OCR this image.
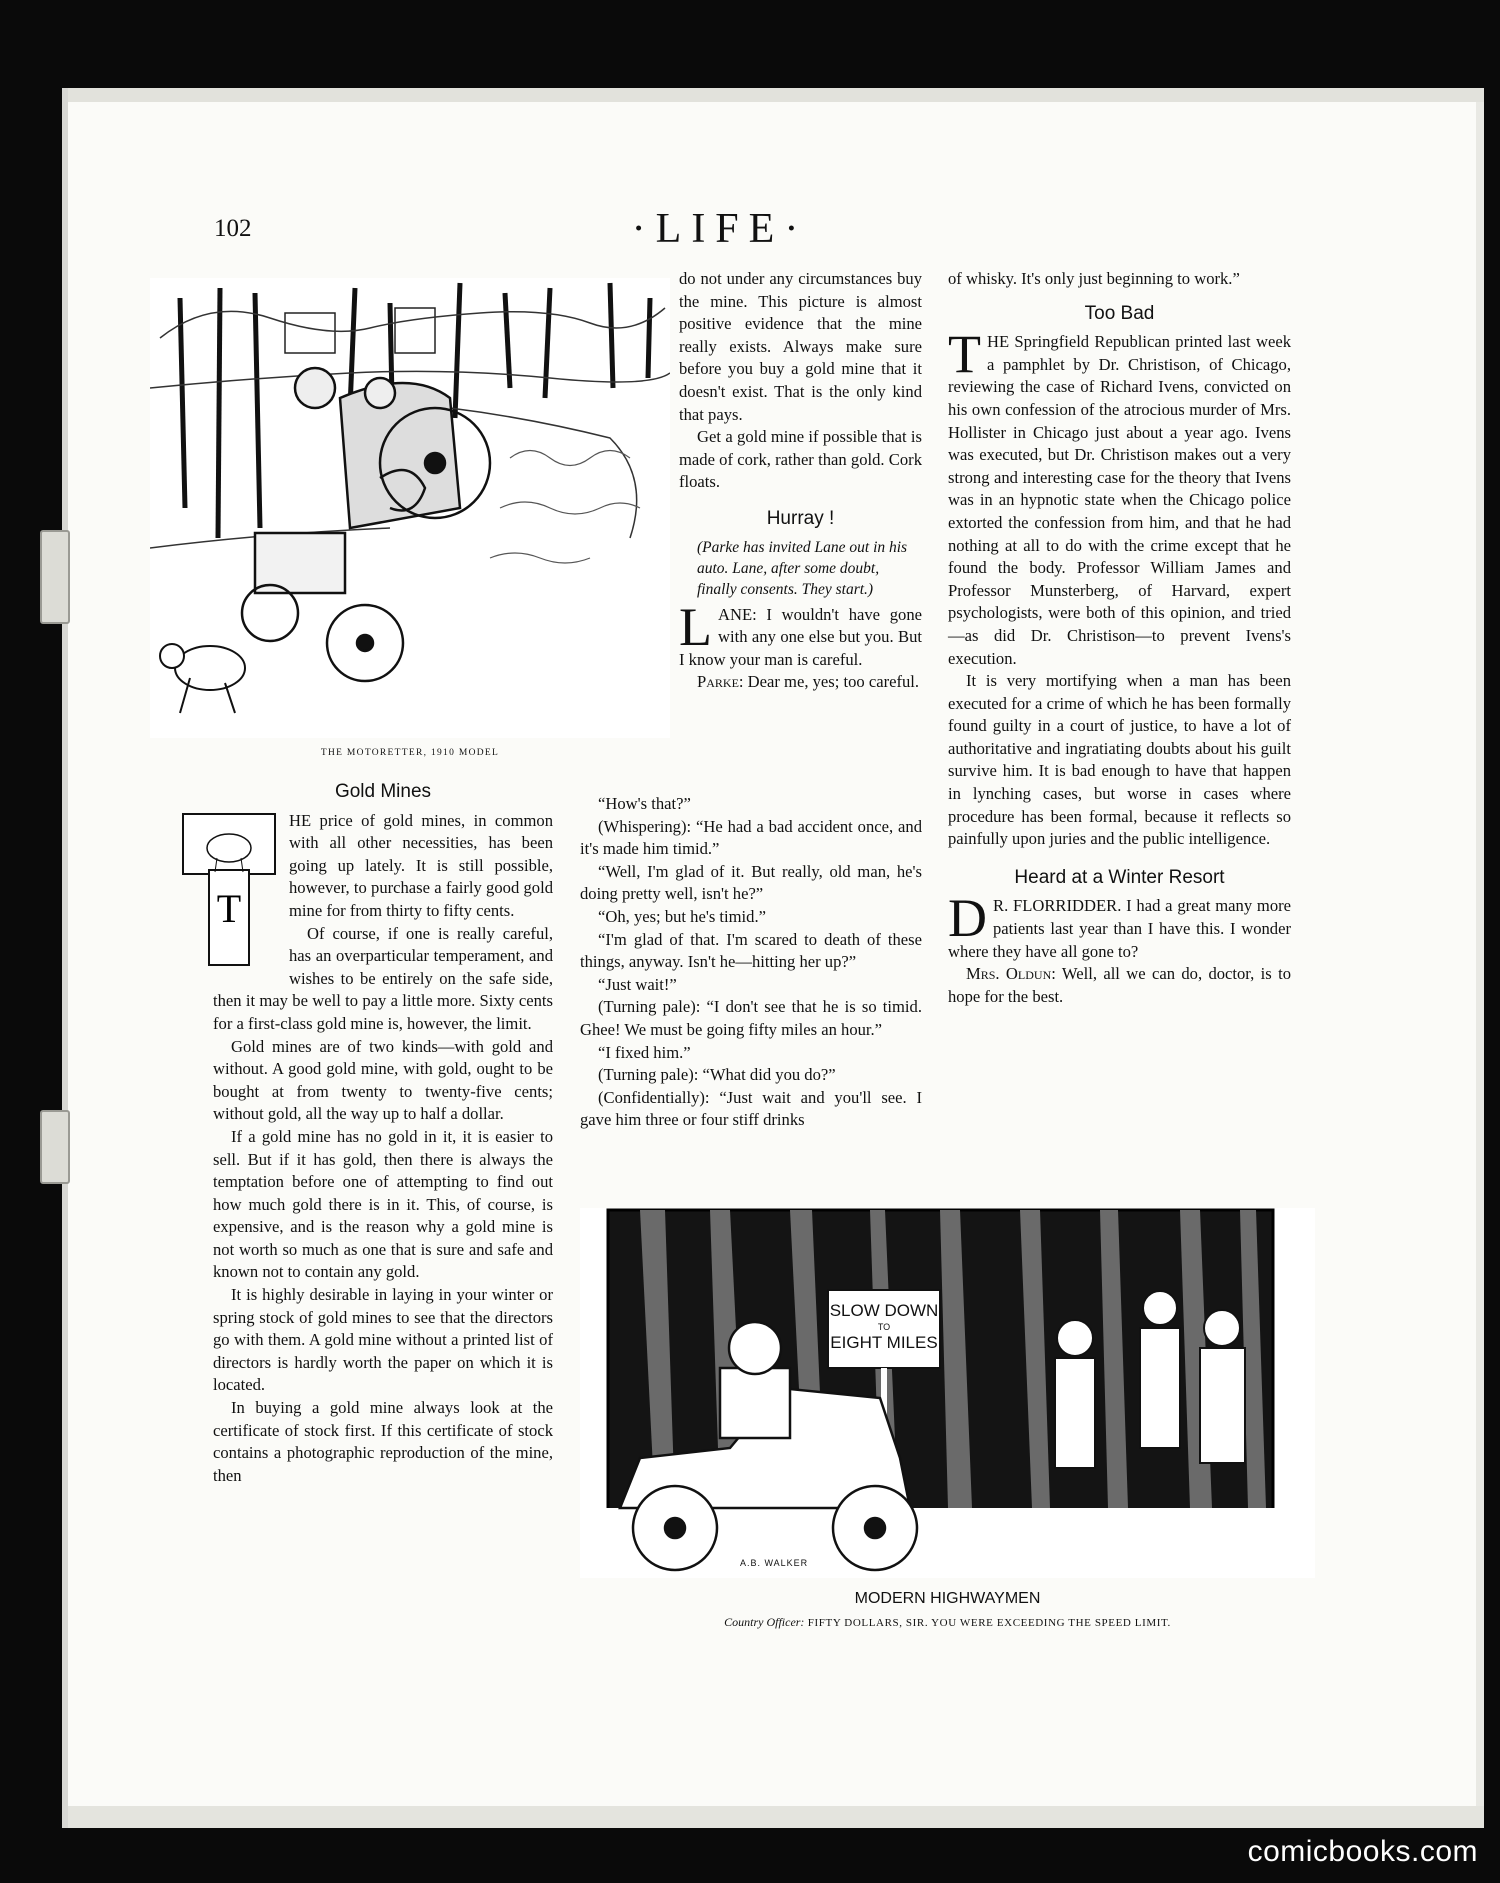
102	·LIFE·
THE MOTORETTER, 1910 MODEL
Gold Mines
T

HE price of gold mines, in common with all other necessities, has been going up lately. It is still possible, however, to purchase a fairly good gold mine for from thirty to fifty cents.

Of course, if one is really careful, has an overparticular temperament, and wishes to be entirely on the safe side, then it may be well to pay a little more. Sixty cents for a first-class gold mine is, however, the limit.

Gold mines are of two kinds—with gold and without. A good gold mine, with gold, ought to be bought at from twenty to twenty-five cents; without gold, all the way up to half a dollar.

If a gold mine has no gold in it, it is easier to sell. But if it has gold, then there is always the temptation before one of attempting to find out how much gold there is in it. This, of course, is expensive, and is the reason why a gold mine is not worth so much as one that is sure and safe and known not to contain any gold.

It is highly desirable in laying in your winter or spring stock of gold mines to see that the directors go with them. A gold mine without a printed list of directors is hardly worth the paper on which it is located.

In buying a gold mine always look at the certificate of stock first. If this certificate of stock contains a photographic reproduction of the mine, then

do not under any circumstances buy the mine. This picture is almost positive evidence that the mine really exists. Always make sure before you buy a gold mine that it doesn't exist. That is the only kind that pays.

Get a gold mine if possible that is made of cork, rather than gold. Cork floats.

Hurray !
(Parke has invited Lane out in his auto. Lane, after some doubt, finally consents. They start.)

LANE: I wouldn't have gone with any one else but you. But I know your man is careful.

Parke: Dear me, yes; too careful.

“How's that?”

(Whispering): “He had a bad accident once, and it's made him timid.”

“Well, I'm glad of it. But really, old man, he's doing pretty well, isn't he?”

“Oh, yes; but he's timid.”

“I'm glad of that. I'm scared to death of these things, anyway. Isn't he—hitting her up?”

“Just wait!”

(Turning pale): “I don't see that he is so timid. Ghee! We must be going fifty miles an hour.”

“I fixed him.”

(Turning pale): “What did you do?”

(Confidentially): “Just wait and you'll see. I gave him three or four stiff drinks

of whisky. It's only just beginning to work.”

Too Bad

THE Springfield Republican printed last week a pamphlet by Dr. Christison, of Chicago, reviewing the case of Richard Ivens, convicted on his own confession of the atrocious murder of Mrs. Hollister in Chicago just about a year ago. Ivens was executed, but Dr. Christison makes out a very strong and interesting case for the theory that Ivens was in an hypnotic state when the Chicago police extorted the confession from him, and that he had nothing at all to do with the crime except that he found the body. Professor William James and Professor Munsterberg, of Harvard, expert psychologists, were both of this opinion, and tried—as did Dr. Christison—to prevent Ivens's execution.

It is very mortifying when a man has been executed for a crime of which he has been formally found guilty in a court of justice, to have a lot of authoritative and ingratiating doubts about his guilt survive him. It is bad enough to have that happen in lynching cases, but worse in cases where procedure has been formal, because it reflects so painfully upon juries and the public intelligence.

Heard at a Winter Resort

D R. FLORRIDDER. I had a great many more patients last year than I have this. I wonder where they have all gone to?

Mrs. Oldun: Well, all we can do, doctor, is to hope for the best.

SLOW DOWN
TO
EIGHT MILES
A.B. WALKER
MODERN HIGHWAYMEN
Country Officer: FIFTY DOLLARS, SIR. YOU WERE EXCEEDING THE SPEED LIMIT.
comicbooks.com
